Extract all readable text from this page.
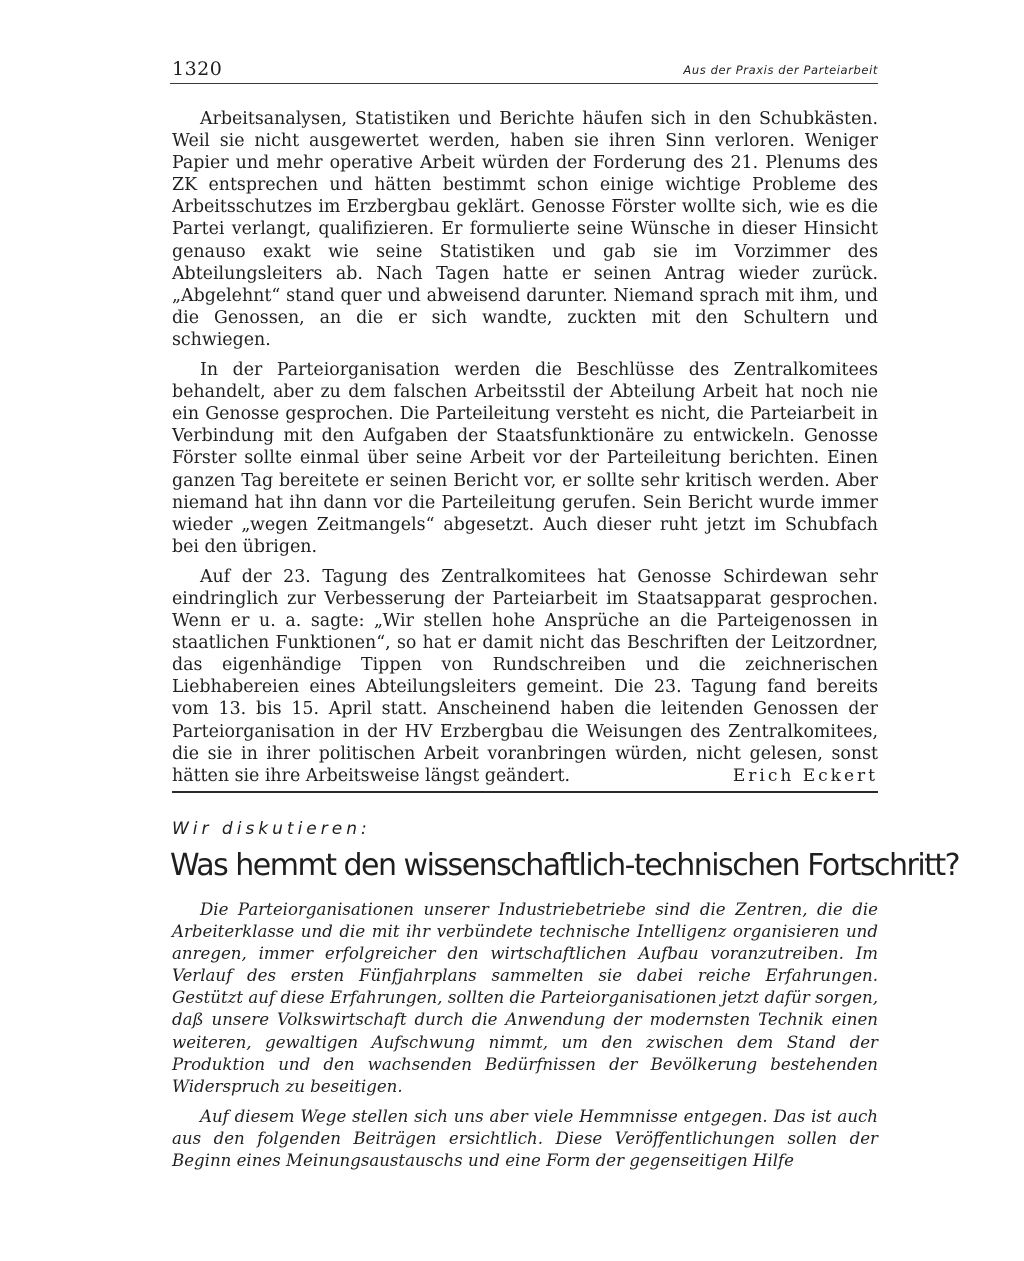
1320	Aus der Praxis der Parteiarbeit

Arbeitsanalysen, Statistiken und Berichte häufen sich in den Schubkästen. Weil sie nicht ausgewertet werden, haben sie ihren Sinn verloren. Weniger Papier und mehr operative Arbeit würden der Forderung des 21. Plenums des ZK entsprechen und hätten bestimmt schon einige wichtige Probleme des Arbeitsschutzes im Erzbergbau geklärt. Genosse Förster wollte sich, wie es die Partei verlangt, qualifizieren. Er formulierte seine Wünsche in dieser Hinsicht genauso exakt wie seine Statistiken und gab sie im Vorzimmer des Abteilungsleiters ab. Nach Tagen hatte er seinen Antrag wieder zurück. „Abgelehnt“ stand quer und abweisend darunter. Niemand sprach mit ihm, und die Genossen, an die er sich wandte, zuckten mit den Schultern und schwiegen.

In der Parteiorganisation werden die Beschlüsse des Zentralkomitees behandelt, aber zu dem falschen Arbeitsstil der Abteilung Arbeit hat noch nie ein Genosse gesprochen. Die Parteileitung versteht es nicht, die Parteiarbeit in Verbindung mit den Aufgaben der Staatsfunktionäre zu entwickeln. Genosse Förster sollte einmal über seine Arbeit vor der Parteileitung berichten. Einen ganzen Tag bereitete er seinen Bericht vor, er sollte sehr kritisch werden. Aber niemand hat ihn dann vor die Parteileitung gerufen. Sein Bericht wurde immer wieder „wegen Zeitmangels“ abgesetzt. Auch dieser ruht jetzt im Schubfach bei den übrigen.

Auf der 23. Tagung des Zentralkomitees hat Genosse Schirdewan sehr eindringlich zur Verbesserung der Parteiarbeit im Staatsapparat gesprochen. Wenn er u. a. sagte: „Wir stellen hohe Ansprüche an die Parteigenossen in staatlichen Funktionen“, so hat er damit nicht das Beschriften der Leitzordner, das eigenhändige Tippen von Rundschreiben und die zeichnerischen Liebhabereien eines Abteilungsleiters gemeint. Die 23. Tagung fand bereits vom 13. bis 15. April statt. Anscheinend haben die leitenden Genossen der Parteiorganisation in der HV Erzbergbau die Weisungen des Zentralkomitees, die sie in ihrer politischen Arbeit voranbringen würden, nicht gelesen, sonst hätten sie ihre Arbeitsweise längst geändert.	Erich Eckert
Wir diskutieren:
Was hemmt den wissenschaftlich-technischen Fortschritt?

Die Parteiorganisationen unserer Industriebetriebe sind die Zentren, die die Arbeiterklasse und die mit ihr verbündete technische Intelligenz organisieren und anregen, immer erfolgreicher den wirtschaftlichen Aufbau voranzutreiben. Im Verlauf des ersten Fünfjahrplans sammelten sie dabei reiche Erfahrungen. Gestützt auf diese Erfahrungen, sollten die Parteiorganisationen jetzt dafür sorgen, daß unsere Volkswirtschaft durch die Anwendung der modernsten Technik einen weiteren, gewaltigen Aufschwung nimmt, um den zwischen dem Stand der Produktion und den wachsenden Bedürfnissen der Bevölkerung bestehenden Widerspruch zu beseitigen.

Auf diesem Wege stellen sich uns aber viele Hemmnisse entgegen. Das ist auch aus den folgenden Beiträgen ersichtlich. Diese Veröffentlichungen sollen der Beginn eines Meinungsaustauschs und eine Form der gegenseitigen Hilfe
